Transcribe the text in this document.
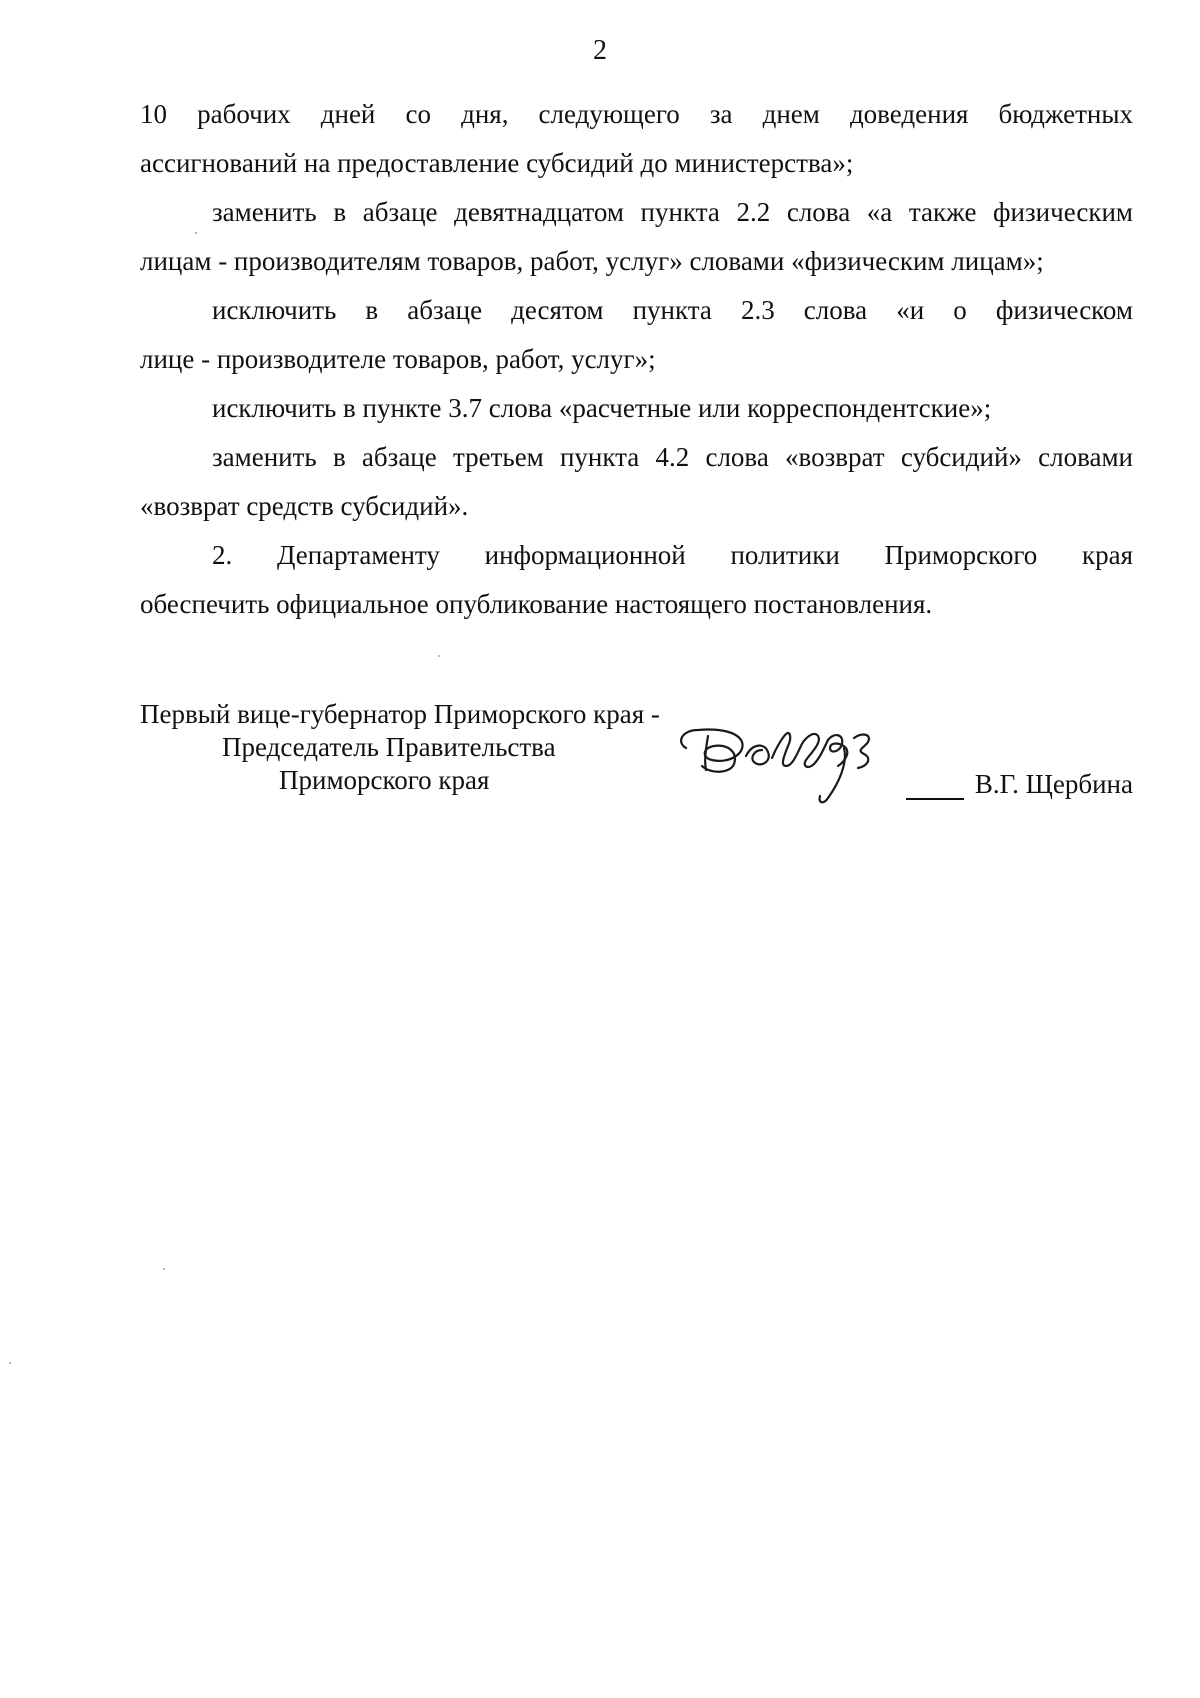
2
10 рабочих дней со дня, следующего за днем доведения бюджетных
ассигнований на предоставление субсидий до министерства»;
заменить в абзаце девятнадцатом пункта 2.2 слова «а также физическим
лицам - производителям товаров, работ, услуг» словами «физическим лицам»;
исключить в абзаце десятом пункта 2.3 слова «и о физическом
лице - производителе товаров, работ, услуг»;
исключить в пункте 3.7 слова «расчетные или корреспондентские»;
заменить в абзаце третьем пункта 4.2 слова «возврат субсидий» словами
«возврат средств субсидий».
2. Департаменту информационной политики Приморского края
обеспечить официальное опубликование настоящего постановления.
Первый вице-губернатор Приморского края -
Председатель Правительства
Приморского края	В.Г. Щербина
